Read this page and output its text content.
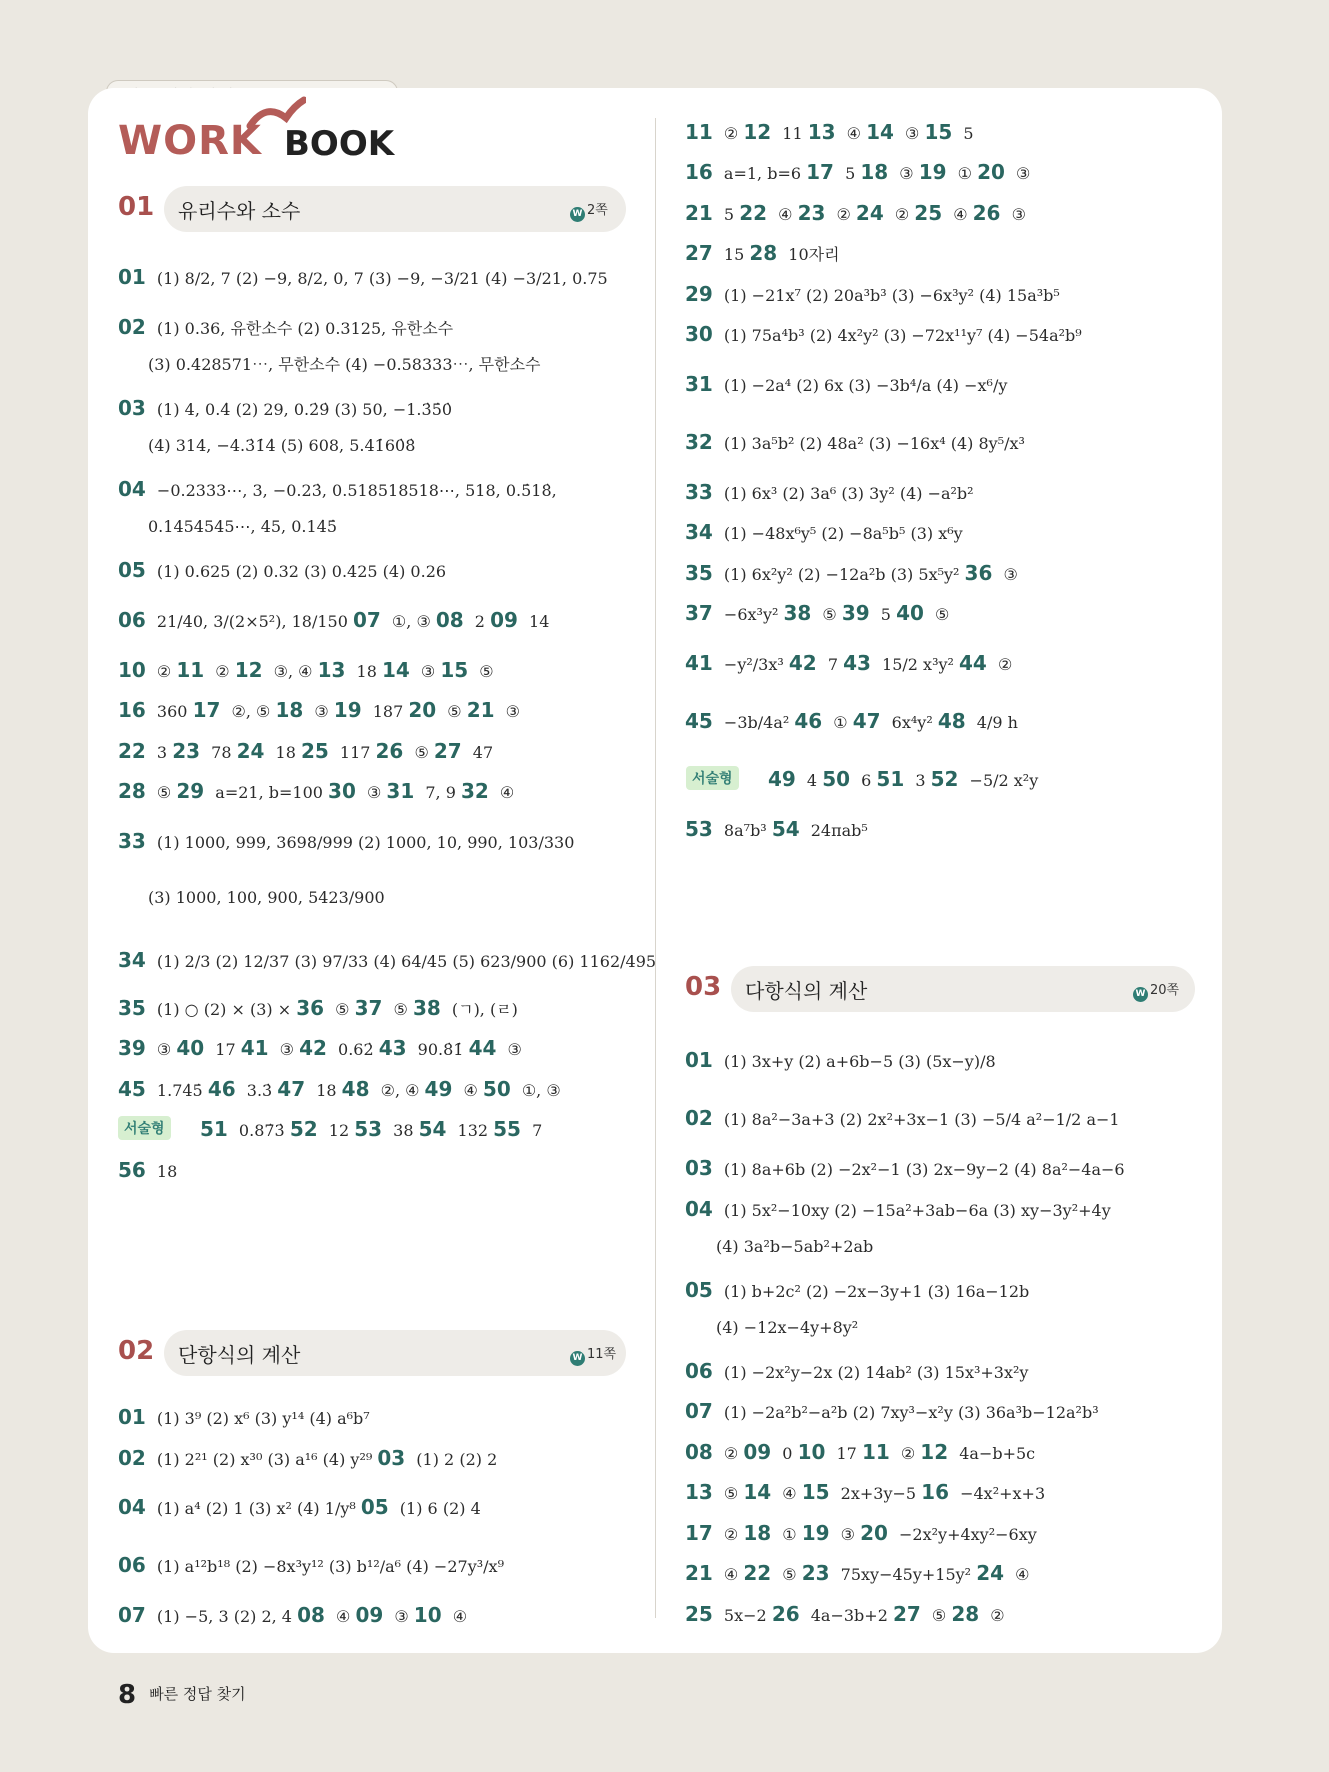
WORK BOOK
01 유리수와 소수	W 2쪽
01 (1) 8/2, 7 (2) −9, 8/2, 0, 7 (3) −9, −3/21 (4) −3/21, 0.75
02 (1) 0.36, 유한소수 (2) 0.3125, 유한소수
(3) 0.428571⋯, 무한소수 (4) −0.58333⋯, 무한소수
03 (1) 4, 0.4̇ (2) 29, 0.2̇9̇ (3) 50, −1.3̇5̇0̇
(4) 314, −4.3̇1̇4̇ (5) 608, 5.41̇60̇8̇
04 −0.2333⋯, 3, −0.23̇, 0.518518518⋯, 518, 0.5̇18̇,
0.1454545⋯, 45, 0.14̇5̇
05 (1) 0.625 (2) 0.32 (3) 0.425 (4) 0.26
06 21/40, 3/(2×5²), 18/150 07 ①, ③ 08 2 09 14
10 ② 11 ② 12 ③, ④ 13 18 14 ③ 15 ⑤
16 360 17 ②, ⑤ 18 ③ 19 187 20 ⑤ 21 ③
22 3 23 78 24 18 25 117 26 ⑤ 27 47
28 ⑤ 29 a=21, b=100 30 ③ 31 7, 9 32 ④
33 (1) 1000, 999, 3698/999 (2) 1000, 10, 990, 103/330
(3) 1000, 100, 900, 5423/900
34 (1) 2/3 (2) 12/37 (3) 97/33 (4) 64/45 (5) 623/900 (6) 1162/495
35 (1) ○ (2) × (3) × 36 ⑤ 37 ⑤ 38 (ㄱ), (ㄹ)
39 ③ 40 17 41 ③ 42 0.62̇ 43 90.8̇1̇ 44 ③
45 1.74̇5̇ 46 3.3̇ 47 18 48 ②, ④ 49 ④ 50 ①, ③
서술형	51 0.87̇3̇ 52 12 53 38 54 132 55 7
56 18
02 단항식의 계산	W 11쪽
01 (1) 3⁹ (2) x⁶ (3) y¹⁴ (4) a⁶b⁷
02 (1) 2²¹ (2) x³⁰ (3) a¹⁶ (4) y²⁹ 03 (1) 2 (2) 2
04 (1) a⁴ (2) 1 (3) x² (4) 1/y⁸ 05 (1) 6 (2) 4
06 (1) a¹²b¹⁸ (2) −8x³y¹² (3) b¹²/a⁶ (4) −27y³/x⁹
07 (1) −5, 3 (2) 2, 4 08 ④ 09 ③ 10 ④
11 ② 12 11 13 ④ 14 ③ 15 5
16 a=1, b=6 17 5 18 ③ 19 ① 20 ③
21 5 22 ④ 23 ② 24 ② 25 ④ 26 ③
27 15 28 10자리
29 (1) −21x⁷ (2) 20a³b³ (3) −6x³y² (4) 15a³b⁵
30 (1) 75a⁴b³ (2) 4x²y² (3) −72x¹¹y⁷ (4) −54a²b⁹
31 (1) −2a⁴ (2) 6x (3) −3b⁴/a (4) −x⁶/y
32 (1) 3a⁵b² (2) 48a² (3) −16x⁴ (4) 8y⁵/x³
33 (1) 6x³ (2) 3a⁶ (3) 3y² (4) −a²b²
34 (1) −48x⁶y⁵ (2) −8a⁵b⁵ (3) x⁶y
35 (1) 6x²y² (2) −12a²b (3) 5x⁵y² 36 ③
37 −6x³y² 38 ⑤ 39 5 40 ⑤
41 −y²/3x³ 42 7 43 15/2 x³y² 44 ②
45 −3b/4a² 46 ① 47 6x⁴y² 48 4/9 h
서술형	49 4 50 6 51 3 52 −5/2 x²y
53 8a⁷b³ 54 24πab⁵
03 다항식의 계산	W 20쪽
01 (1) 3x+y (2) a+6b−5 (3) (5x−y)/8
02 (1) 8a²−3a+3 (2) 2x²+3x−1 (3) −5/4 a²−1/2 a−1
03 (1) 8a+6b (2) −2x²−1 (3) 2x−9y−2 (4) 8a²−4a−6
04 (1) 5x²−10xy (2) −15a²+3ab−6a (3) xy−3y²+4y
(4) 3a²b−5ab²+2ab
05 (1) b+2c² (2) −2x−3y+1 (3) 16a−12b
(4) −12x−4y+8y²
06 (1) −2x²y−2x (2) 14ab² (3) 15x³+3x²y
07 (1) −2a²b²−a²b (2) 7xy³−x²y (3) 36a³b−12a²b³
08 ② 09 0 10 17 11 ② 12 4a−b+5c
13 ⑤ 14 ④ 15 2x+3y−5 16 −4x²+x+3
17 ② 18 ① 19 ③ 20 −2x²y+4xy²−6xy
21 ④ 22 ⑤ 23 75xy−45y+15y² 24 ④
25 5x−2 26 4a−3b+2 27 ⑤ 28 ②
8 빠른 정답 찾기
